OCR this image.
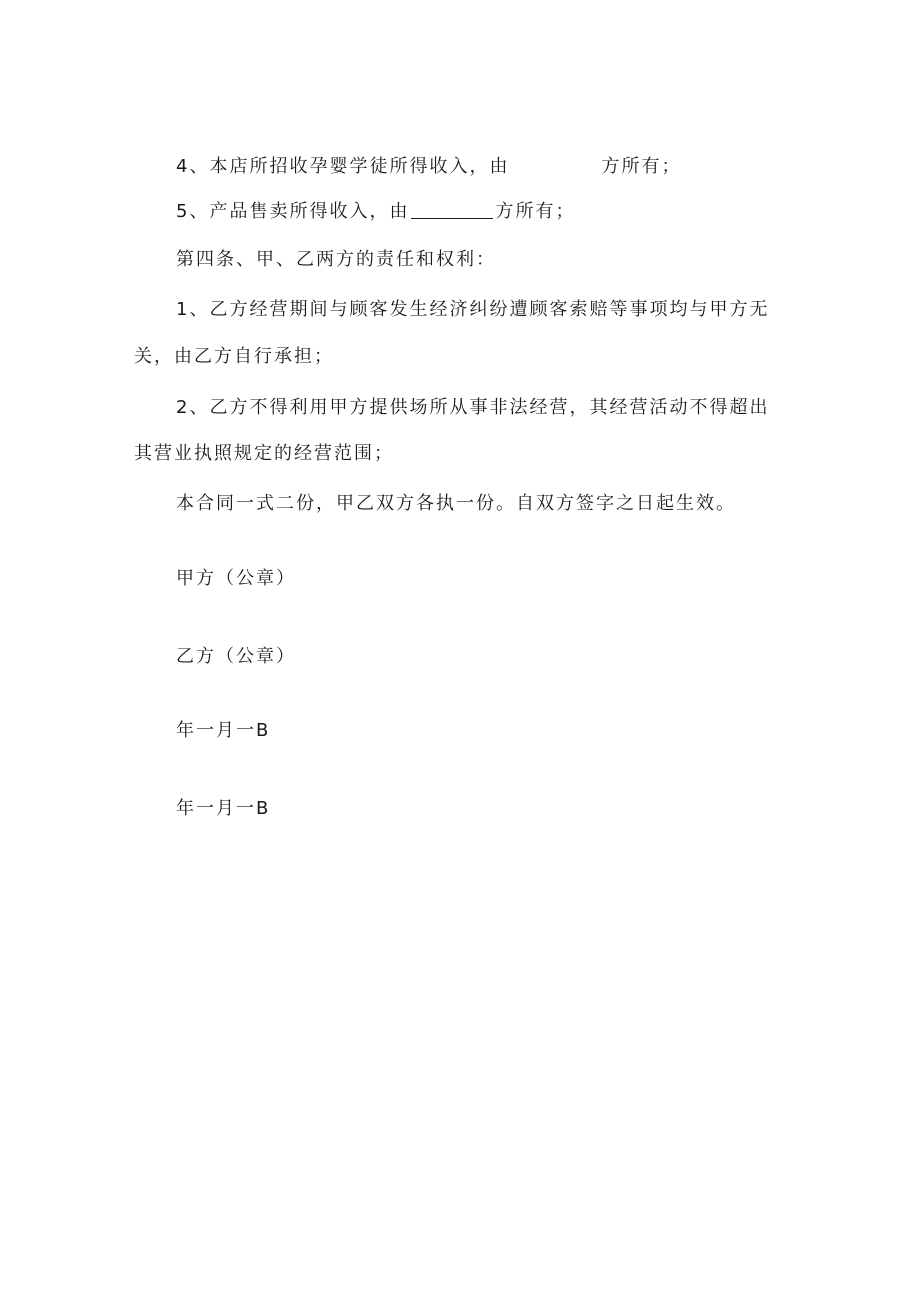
4、本店所招收孕婴学徒所得收入，由	方所有；
5、产品售卖所得收入，由	方所有；
第四条、甲、乙两方的责任和权利：
1、乙方经营期间与顾客发生经济纠纷遭顾客索赔等事项均与甲方无
关，由乙方自行承担；
2、乙方不得利用甲方提供场所从事非法经营，其经营活动不得超出
其营业执照规定的经营范围；
本合同一式二份，甲乙双方各执一份。自双方签字之日起生效。
甲方（公章）
乙方（公章）
年一月一B
年一月一B
